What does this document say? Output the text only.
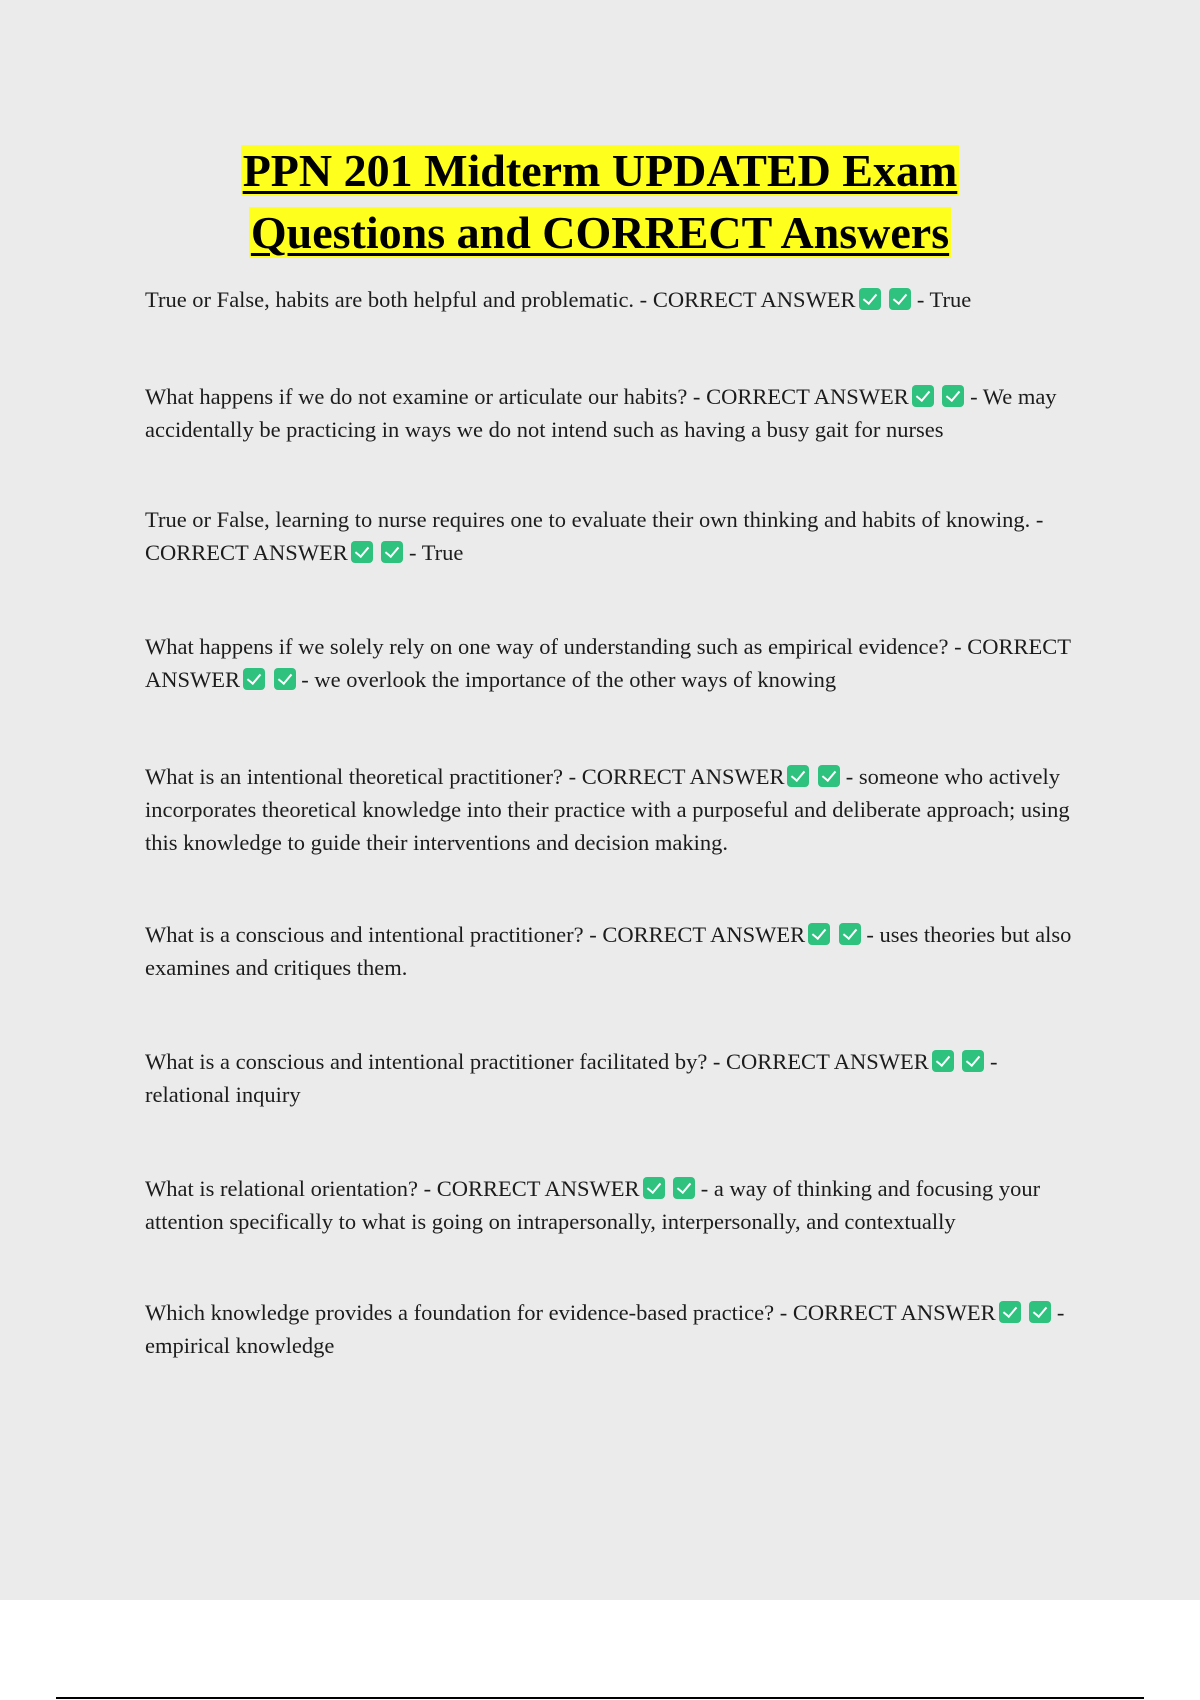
PPN 201 Midterm UPDATED Exam
Questions and CORRECT Answers

True or False, habits are both helpful and problematic. - CORRECT ANSWER	- True

What happens if we do not examine or articulate our habits? - CORRECT ANSWER	- We may accidentally be practicing in ways we do not intend such as having a busy gait for nurses

True or False, learning to nurse requires one to evaluate their own thinking and habits of knowing. - CORRECT ANSWER	- True

What happens if we solely rely on one way of understanding such as empirical evidence? - CORRECT ANSWER	- we overlook the importance of the other ways of knowing

What is an intentional theoretical practitioner? - CORRECT ANSWER	- someone who actively incorporates theoretical knowledge into their practice with a purposeful and deliberate approach; using this knowledge to guide their interventions and decision making.

What is a conscious and intentional practitioner? - CORRECT ANSWER	- uses theories but also examines and critiques them.

What is a conscious and intentional practitioner facilitated by? - CORRECT ANSWER	- relational inquiry

What is relational orientation? - CORRECT ANSWER	- a way of thinking and focusing your attention specifically to what is going on intrapersonally, interpersonally, and contextually

Which knowledge provides a foundation for evidence-based practice? - CORRECT ANSWER	- empirical knowledge
